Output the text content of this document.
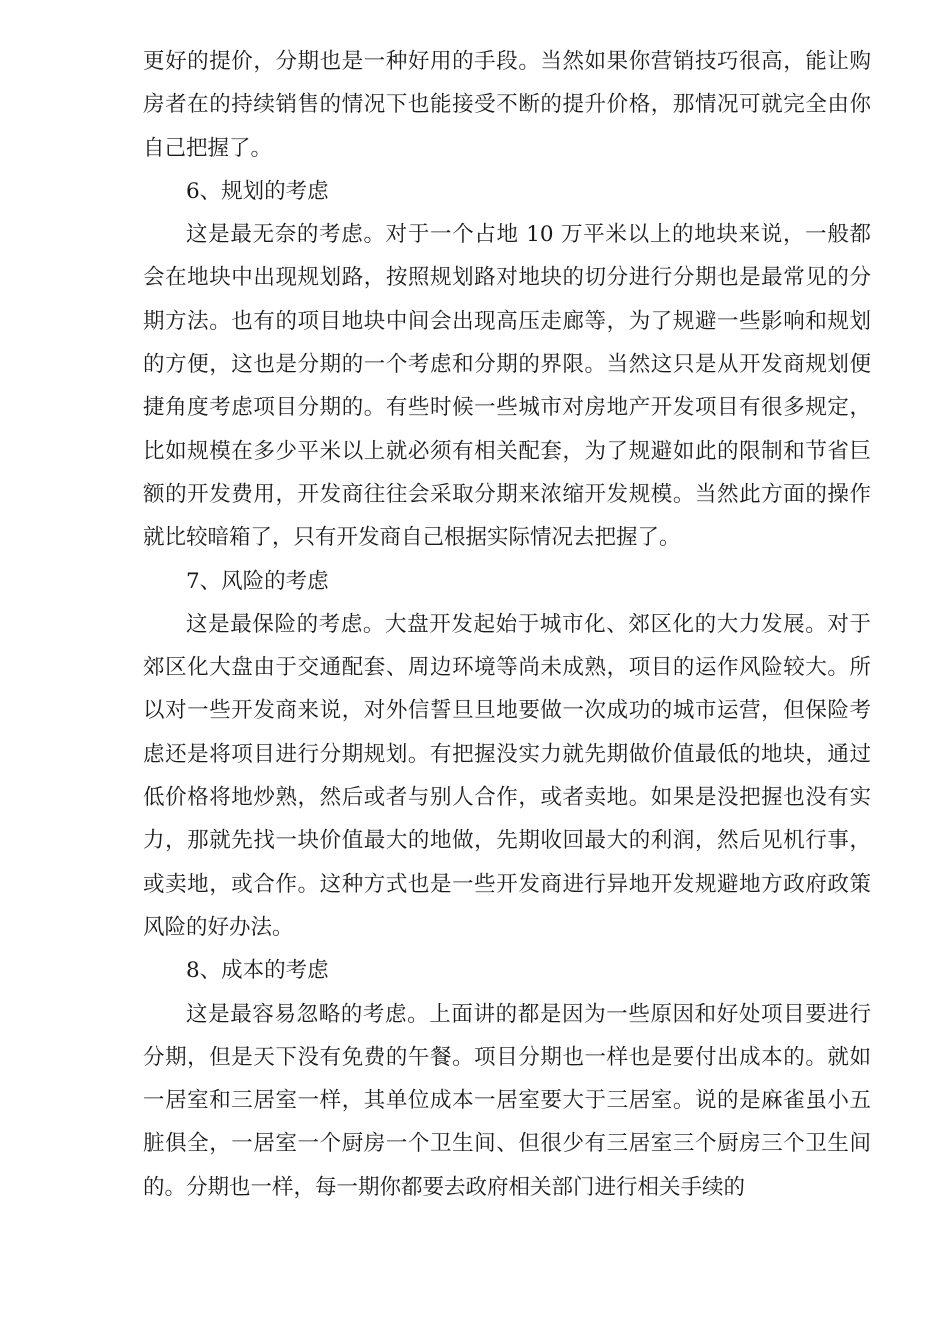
更好的提价，分期也是一种好用的手段。当然如果你营销技巧很高，能让购房者在的持续销售的情况下也能接受不断的提升价格，那情况可就完全由你自己把握了。

6、规划的考虑

这是最无奈的考虑。对于一个占地 10 万平米以上的地块来说，一般都会在地块中出现规划路，按照规划路对地块的切分进行分期也是最常见的分期方法。也有的项目地块中间会出现高压走廊等，为了规避一些影响和规划的方便，这也是分期的一个考虑和分期的界限。当然这只是从开发商规划便捷角度考虑项目分期的。有些时候一些城市对房地产开发项目有很多规定，比如规模在多少平米以上就必须有相关配套，为了规避如此的限制和节省巨额的开发费用，开发商往往会采取分期来浓缩开发规模。当然此方面的操作就比较暗箱了，只有开发商自己根据实际情况去把握了。

7、风险的考虑

这是最保险的考虑。大盘开发起始于城市化、郊区化的大力发展。对于郊区化大盘由于交通配套、周边环境等尚未成熟，项目的运作风险较大。所以对一些开发商来说，对外信誓旦旦地要做一次成功的城市运营，但保险考虑还是将项目进行分期规划。有把握没实力就先期做价值最低的地块，通过低价格将地炒熟，然后或者与别人合作，或者卖地。如果是没把握也没有实力，那就先找一块价值最大的地做，先期收回最大的利润，然后见机行事，或卖地，或合作。这种方式也是一些开发商进行异地开发规避地方政府政策风险的好办法。

8、成本的考虑

这是最容易忽略的考虑。上面讲的都是因为一些原因和好处项目要进行分期，但是天下没有免费的午餐。项目分期也一样也是要付出成本的。就如一居室和三居室一样，其单位成本一居室要大于三居室。说的是麻雀虽小五脏俱全，一居室一个厨房一个卫生间、但很少有三居室三个厨房三个卫生间的。分期也一样，每一期你都要去政府相关部门进行相关手续的
